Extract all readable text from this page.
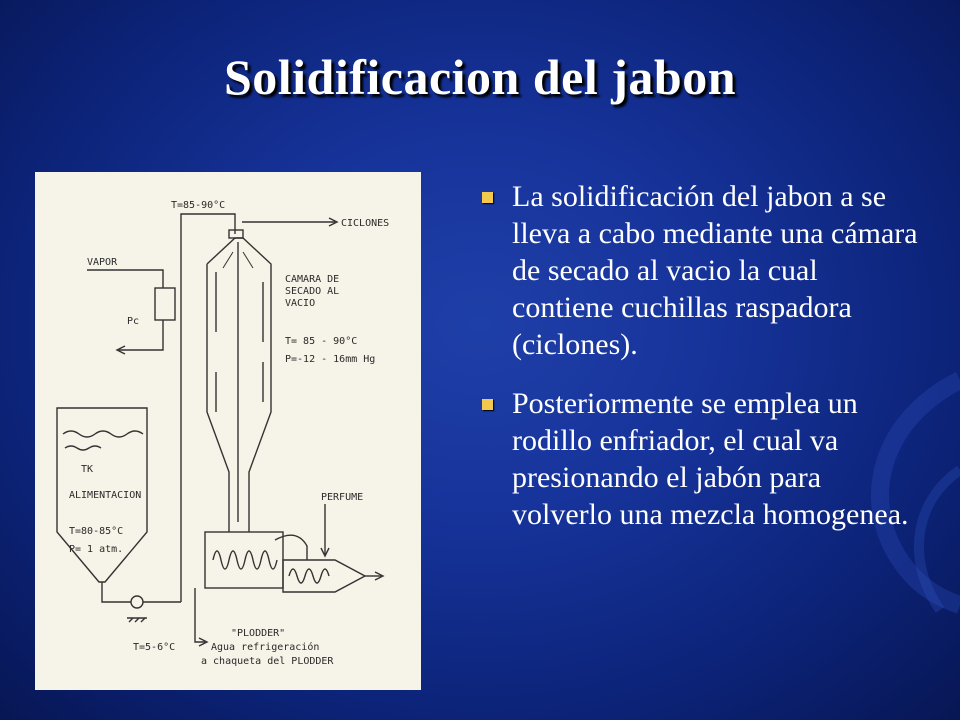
Solidificacion del jabon
T=85-90°C
CICLONES
VAPOR
Pc
CAMARA DE
SECADO AL
VACIO
T= 85 - 90°C
P=-12 - 16mm Hg
TK
ALIMENTACION
T=80-85°C
P= 1 atm.
PERFUME
T=5-6°C
"PLODDER"
Agua refrigeración
a chaqueta del PLODDER
La solidificación del jabon a se lleva a cabo mediante una cámara de secado al vacio la cual contiene cuchillas raspadora (ciclones).
Posteriormente se emplea un rodillo enfriador, el cual va presionando el jabón para volverlo una mezcla homogenea.
